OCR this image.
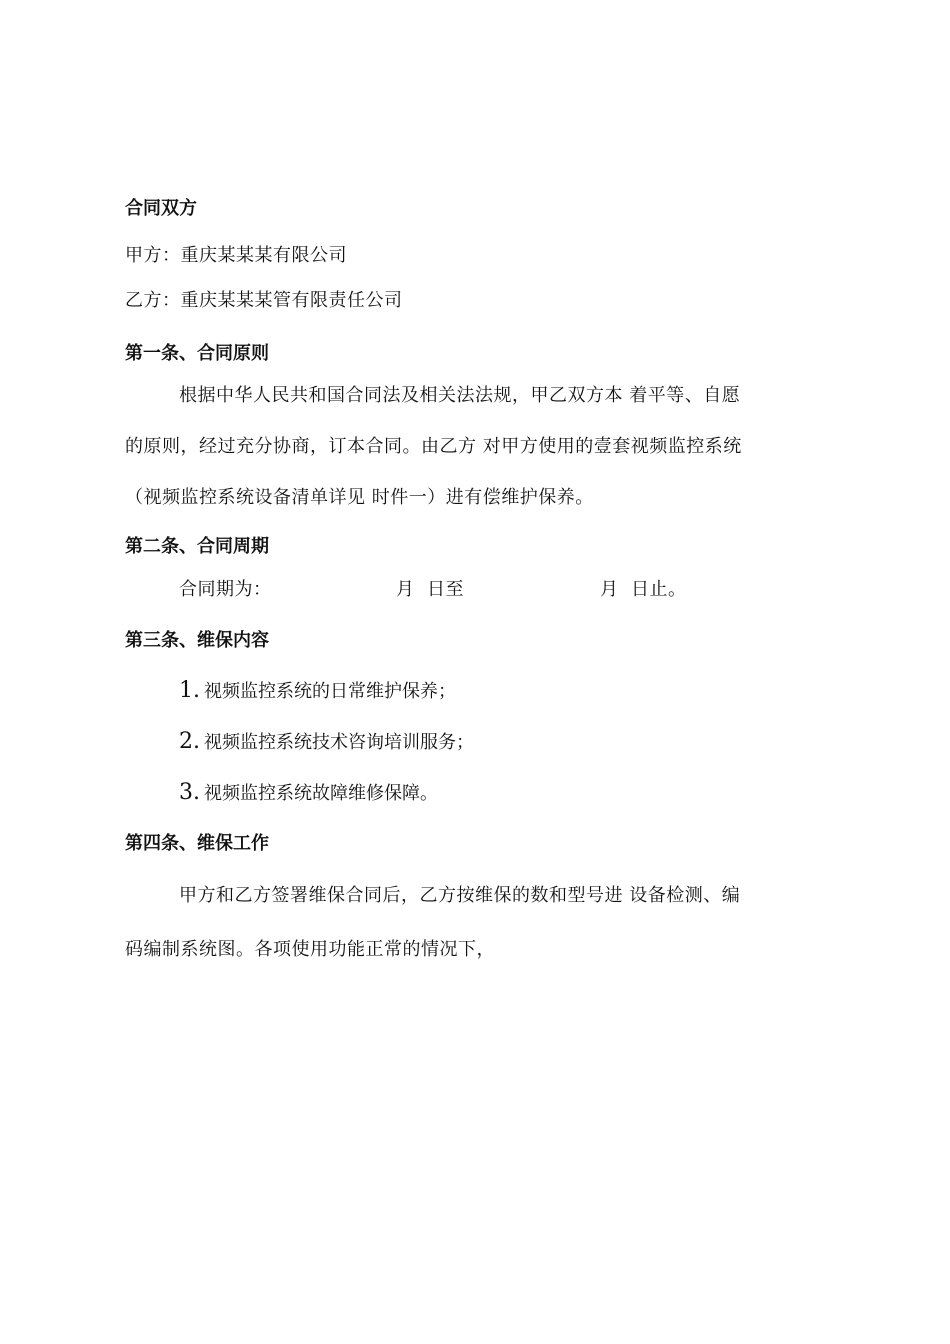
合同双方
甲方：重庆某某某有限公司
乙方：重庆某某某管有限责任公司
第一条、合同原则
根据中华人民共和国合同法及相关法法规，甲乙双方本 着平等、自愿
的原则，经过充分协商，订本合同。由乙方 对甲方使用的壹套视频监控系统
（视频监控系统设备清单详见 时件一）进有偿维护保养。
第二条、合同周期
合同期为：	月 日至	月 日止。
第三条、维保内容
1. 视频监控系统的日常维护保养；
2. 视频监控系统技术咨询培训服务；
3. 视频监控系统故障维修保障。
第四条、维保工作
甲方和乙方签署维保合同后，乙方按维保的数和型号进 设备检测、编
码编制系统图。各项使用功能正常的情况下，
